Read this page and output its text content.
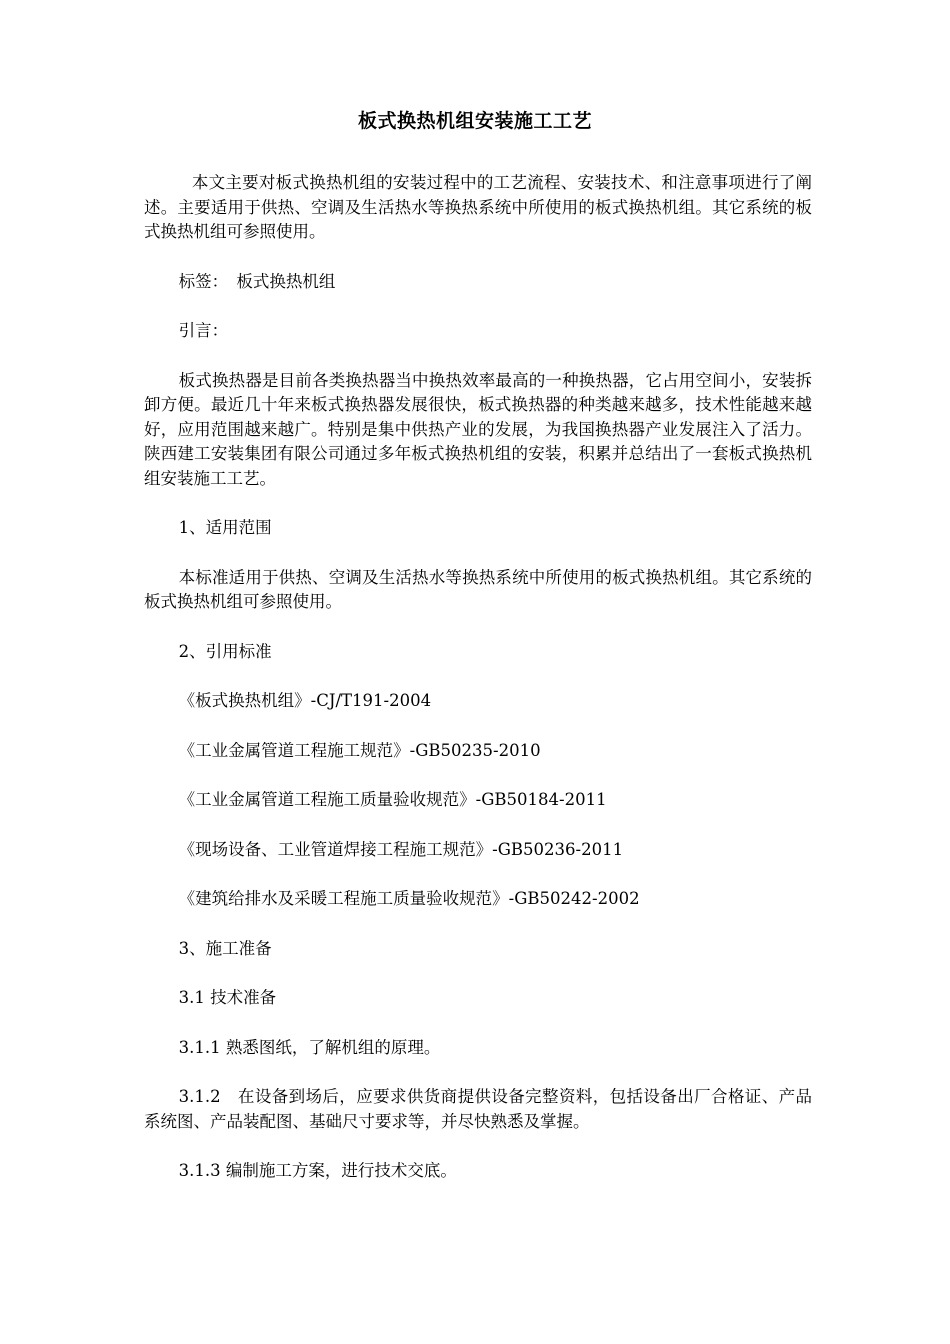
板式换热机组安装施工工艺

本文主要对板式换热机组的安装过程中的工艺流程、安装技术、和注意事项进行了阐述。主要适用于供热、空调及生活热水等换热系统中所使用的板式换热机组。其它系统的板式换热机组可参照使用。

标签：　板式换热机组

引言：

板式换热器是目前各类换热器当中换热效率最高的一种换热器，它占用空间小，安装拆卸方便。最近几十年来板式换热器发展很快，板式换热器的种类越来越多，技术性能越来越好，应用范围越来越广。特别是集中供热产业的发展，为我国换热器产业发展注入了活力。陕西建工安装集团有限公司通过多年板式换热机组的安装，积累并总结出了一套板式换热机组安装施工工艺。

1、适用范围

本标准适用于供热、空调及生活热水等换热系统中所使用的板式换热机组。其它系统的板式换热机组可参照使用。

2、引用标准

《板式换热机组》-CJ/T191-2004

《工业金属管道工程施工规范》-GB50235-2010

《工业金属管道工程施工质量验收规范》-GB50184-2011

《现场设备、工业管道焊接工程施工规范》-GB50236-2011

《建筑给排水及采暖工程施工质量验收规范》-GB50242-2002

3、施工准备

3.1 技术准备

3.1.1 熟悉图纸，了解机组的原理。

3.1.2　在设备到场后，应要求供货商提供设备完整资料，包括设备出厂合格证、产品系统图、产品装配图、基础尺寸要求等，并尽快熟悉及掌握。

3.1.3 编制施工方案，进行技术交底。
